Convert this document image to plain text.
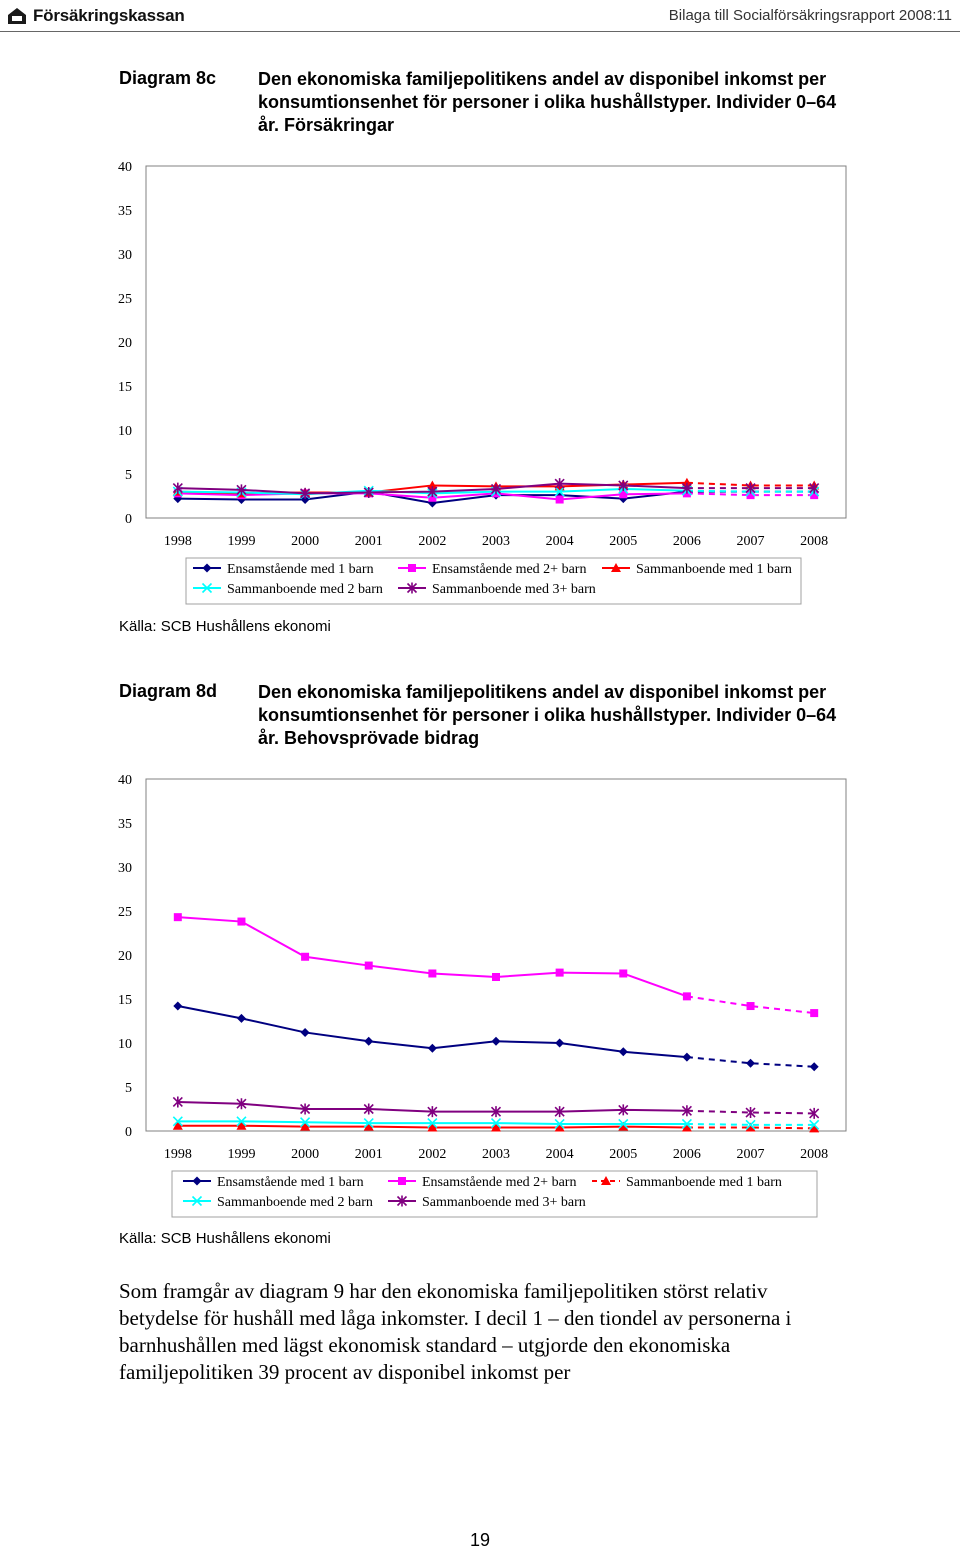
Försäkringskassan	Bilaga till Socialförsäkringsrapport 2008:11
Diagram 8c Den ekonomiska familjepolitikens andel av disponibel inkomst per konsumtionsenhet för personer i olika hushållstyper. Individer 0–64 år. Försäkringar
0
5
10
15
20
25
30
35
40
1998	1999	2000	2001	2002	2003	2004	2005	2006	2007	2008
Ensamstående med 1 barn	Ensamstående med 2+ barn	Sammanboende med 1 barn
Sammanboende med 2 barn	Sammanboende med 3+ barn
Källa: SCB Hushållens ekonomi
Diagram 8d Den ekonomiska familjepolitikens andel av disponibel inkomst per konsumtionsenhet för personer i olika hushållstyper. Individer 0–64 år. Behovsprövade bidrag
0
5
10
15
20
25
30
35
40
1998	1999	2000	2001	2002	2003	2004	2005	2006	2007	2008
Ensamstående med 1 barn	Ensamstående med 2+ barn	Sammanboende med 1 barn
Sammanboende med 2 barn	Sammanboende med 3+ barn
Källa: SCB Hushållens ekonomi
Som framgår av diagram 9 har den ekonomiska familjepolitiken störst relativ betydelse för hushåll med låga inkomster. I decil 1 – den tiondel av personerna i barnhushållen med lägst ekonomisk standard – utgjorde den ekonomiska familjepolitiken 39 procent av disponibel inkomst per
19
